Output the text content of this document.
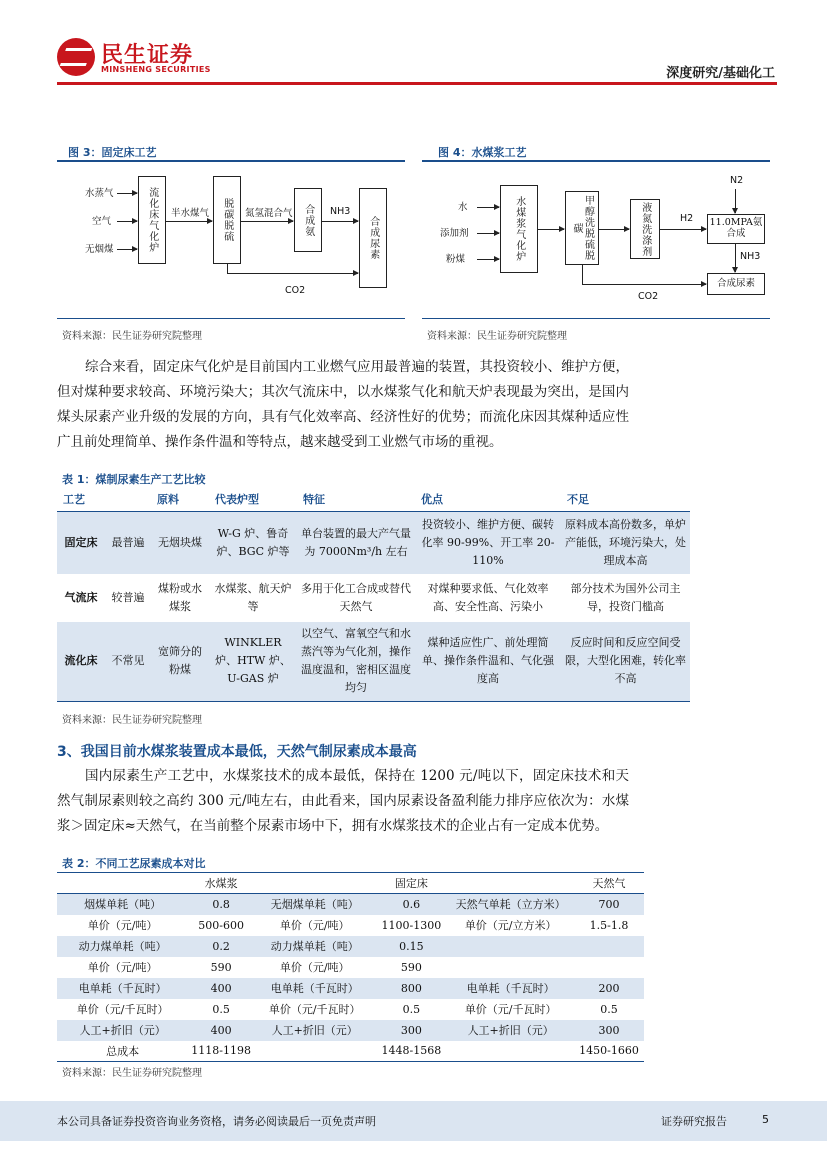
民生证券
MINSHENG SECURITIES	深度研究/基础化工
图 3：固定床工艺
水蒸气
空气
无烟煤	流化床气化炉 半水煤气 脱碳脱硫 氮氢混合气 合成氨 NH3
合成尿素
CO2
资料来源：民生证券研究院整理
图 4：水煤浆工艺
水
添加剂
粉煤	水煤浆气化炉	甲醇洗脱硫脱碳	液氮洗涤剂	H2 11.0MPA氨合成
N2
NH3
合成尿素
CO2
资料来源：民生证券研究院整理
综合来看，固定床气化炉是目前国内工业燃气应用最普遍的装置，其投资较小、维护方便，但对煤种要求较高、环境污染大；其次气流床中，以水煤浆气化和航天炉表现最为突出，是国内煤头尿素产业升级的发展的方向，具有气化效率高、经济性好的优势；而流化床因其煤种适应性广且前处理简单、操作条件温和等特点，越来越受到工业燃气市场的重视。
表 1：煤制尿素生产工艺比较
工艺		原料	代表炉型	特征	优点	不足
固定床	最普遍	无烟块煤	W-G 炉、鲁奇炉、BGC 炉等	单台装置的最大产气量为 7000Nm³/h 左右	投资较小、维护方便、碳转化率 90-99%、开工率 20-110%	原料成本高份数多，单炉产能低，环境污染大，处理成本高
气流床	较普遍	煤粉或水煤浆	水煤浆、航天炉等	多用于化工合成或替代天然气	对煤种要求低、气化效率高、安全性高、污染小	部分技术为国外公司主导，投资门槛高
流化床	不常见	宽筛分的粉煤	WINKLER 炉、HTW 炉、U-GAS 炉	以空气、富氧空气和水蒸汽等为气化剂，操作温度温和，密相区温度均匀	煤种适应性广、前处理简单、操作条件温和、气化强度高	反应时间和反应空间受限，大型化困难，转化率不高
资料来源：民生证券研究院整理
3、我国目前水煤浆装置成本最低，天然气制尿素成本最高
国内尿素生产工艺中，水煤浆技术的成本最低，保持在 1200 元/吨以下，固定床技术和天然气制尿素则较之高约 300 元/吨左右，由此看来，国内尿素设备盈利能力排序应依次为：水煤浆＞固定床≈天然气，在当前整个尿素市场中下，拥有水煤浆技术的企业占有一定成本优势。
表 2：不同工艺尿素成本对比
	水煤浆		固定床		天然气
烟煤单耗（吨）	0.8	无烟煤单耗（吨）	0.6	天然气单耗（立方米）	700
单价（元/吨）	500-600	单价（元/吨）	1100-1300	单价（元/立方米）	1.5-1.8
动力煤单耗（吨）	0.2	动力煤单耗（吨）	0.15		
单价（元/吨）	590	单价（元/吨）	590		
电单耗（千瓦时）	400	电单耗（千瓦时）	800	电单耗（千瓦时）	200
单价（元/千瓦时）	0.5	单价（元/千瓦时）	0.5	单价（元/千瓦时）	0.5
人工+折旧（元）	400	人工+折旧（元）	300	人工+折旧（元）	300
总成本	1118-1198		1448-1568		1450-1660
资料来源：民生证券研究院整理
本公司具备证券投资咨询业务资格，请务必阅读最后一页免责声明	证券研究报告	5
